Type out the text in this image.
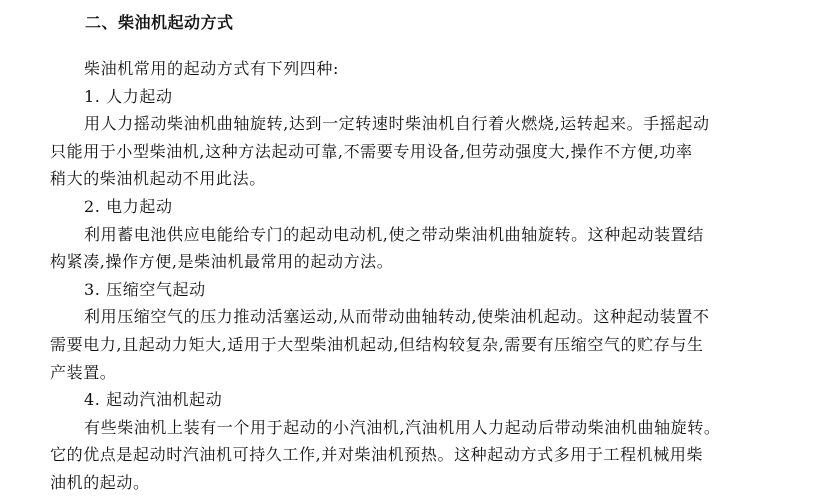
二、柴油机起动方式
柴油机常用的起动方式有下列四种:
1. 人力起动
用人力摇动柴油机曲轴旋转,达到一定转速时柴油机自行着火燃烧,运转起来。手摇起动
只能用于小型柴油机,这种方法起动可靠,不需要专用设备,但劳动强度大,操作不方便,功率
稍大的柴油机起动不用此法。
2. 电力起动
利用蓄电池供应电能给专门的起动电动机,使之带动柴油机曲轴旋转。这种起动装置结
构紧凑,操作方便,是柴油机最常用的起动方法。
3. 压缩空气起动
利用压缩空气的压力推动活塞运动,从而带动曲轴转动,使柴油机起动。这种起动装置不
需要电力,且起动力矩大,适用于大型柴油机起动,但结构较复杂,需要有压缩空气的贮存与生
产装置。
4. 起动汽油机起动
有些柴油机上装有一个用于起动的小汽油机,汽油机用人力起动后带动柴油机曲轴旋转。
它的优点是起动时汽油机可持久工作,并对柴油机预热。这种起动方式多用于工程机械用柴
油机的起动。
